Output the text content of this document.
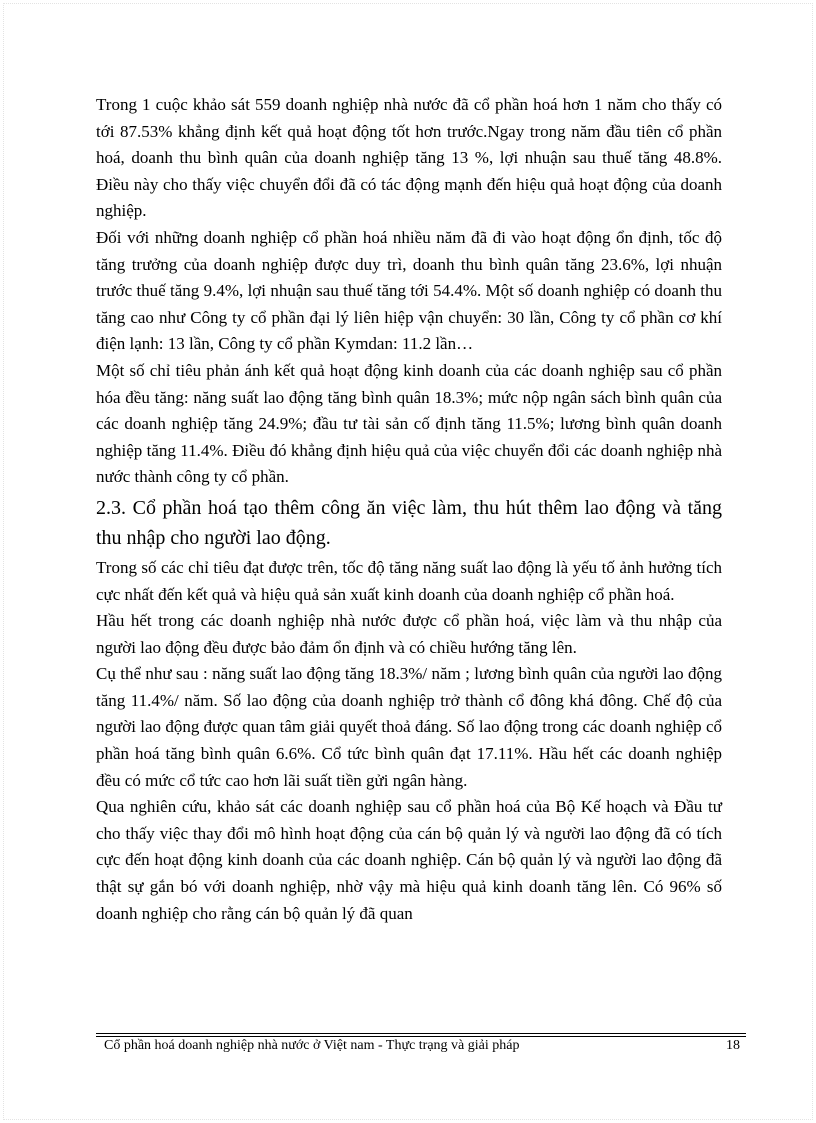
Trong 1 cuộc khảo sát 559 doanh nghiệp nhà nước đã cổ phần hoá hơn 1 năm cho thấy có tới 87.53% khẳng định kết quả hoạt động tốt hơn trước.Ngay trong năm đầu tiên cổ phần hoá, doanh thu bình quân của doanh nghiệp tăng 13 %, lợi nhuận sau thuế tăng 48.8%. Điều này cho thấy việc chuyển đổi đã có tác động mạnh đến hiệu quả hoạt động của doanh nghiệp.

Đối với những doanh nghiệp cổ phần hoá nhiều năm đã đi vào hoạt động ổn định, tốc độ tăng trưởng của doanh nghiệp được duy trì, doanh thu bình quân tăng 23.6%, lợi nhuận trước thuế tăng 9.4%, lợi nhuận sau thuế tăng tới 54.4%. Một số doanh nghiệp có doanh thu tăng cao như Công ty cổ phần đại lý liên hiệp vận chuyển: 30 lần, Công ty cổ phần cơ khí điện lạnh: 13 lần, Công ty cổ phần Kymdan: 11.2 lần…

Một số chỉ tiêu phản ánh kết quả hoạt động kinh doanh của các doanh nghiệp sau cổ phần hóa đều tăng: năng suất lao động tăng bình quân 18.3%; mức nộp ngân sách bình quân của các doanh nghiệp tăng 24.9%; đầu tư tài sản cố định tăng 11.5%; lương bình quân doanh nghiệp tăng 11.4%. Điều đó khẳng định hiệu quả của việc chuyển đổi các doanh nghiệp nhà nước thành công ty cổ phần.

2.3. Cổ phần hoá tạo thêm công ăn việc làm, thu hút thêm lao động và tăng thu nhập cho người lao động.

Trong số các chỉ tiêu đạt được trên, tốc độ tăng năng suất lao động là yếu tố ảnh hưởng tích cực nhất đến kết quả và hiệu quả sản xuất kinh doanh của doanh nghiệp cổ phần hoá.

Hầu hết trong các doanh nghiệp nhà nước được cổ phần hoá, việc làm và thu nhập của người lao động đều được bảo đảm ổn định và có chiều hướng tăng lên.

Cụ thể như sau : năng suất lao động tăng 18.3%/ năm ; lương bình quân của người lao động tăng 11.4%/ năm. Số lao động của doanh nghiệp trở thành cổ đông khá đông. Chế độ của người lao động được quan tâm giải quyết thoả đáng. Số lao động trong các doanh nghiệp cổ phần hoá tăng bình quân 6.6%. Cổ tức bình quân đạt 17.11%. Hầu hết các doanh nghiệp đều có mức cổ tức cao hơn lãi suất tiền gửi ngân hàng.

Qua nghiên cứu, khảo sát các doanh nghiệp sau cổ phần hoá của Bộ Kế hoạch và Đầu tư cho thấy việc thay đổi mô hình hoạt động của cán bộ quản lý và người lao động đã có tích cực đến hoạt động kinh doanh của các doanh nghiệp. Cán bộ quản lý và người lao động đã thật sự gắn bó với doanh nghiệp, nhờ vậy mà hiệu quả kinh doanh tăng lên. Có 96% số doanh nghiệp cho rằng cán bộ quản lý đã quan

Cổ phần hoá doanh nghiệp nhà nước ở Việt nam - Thực trạng và giải pháp	18
